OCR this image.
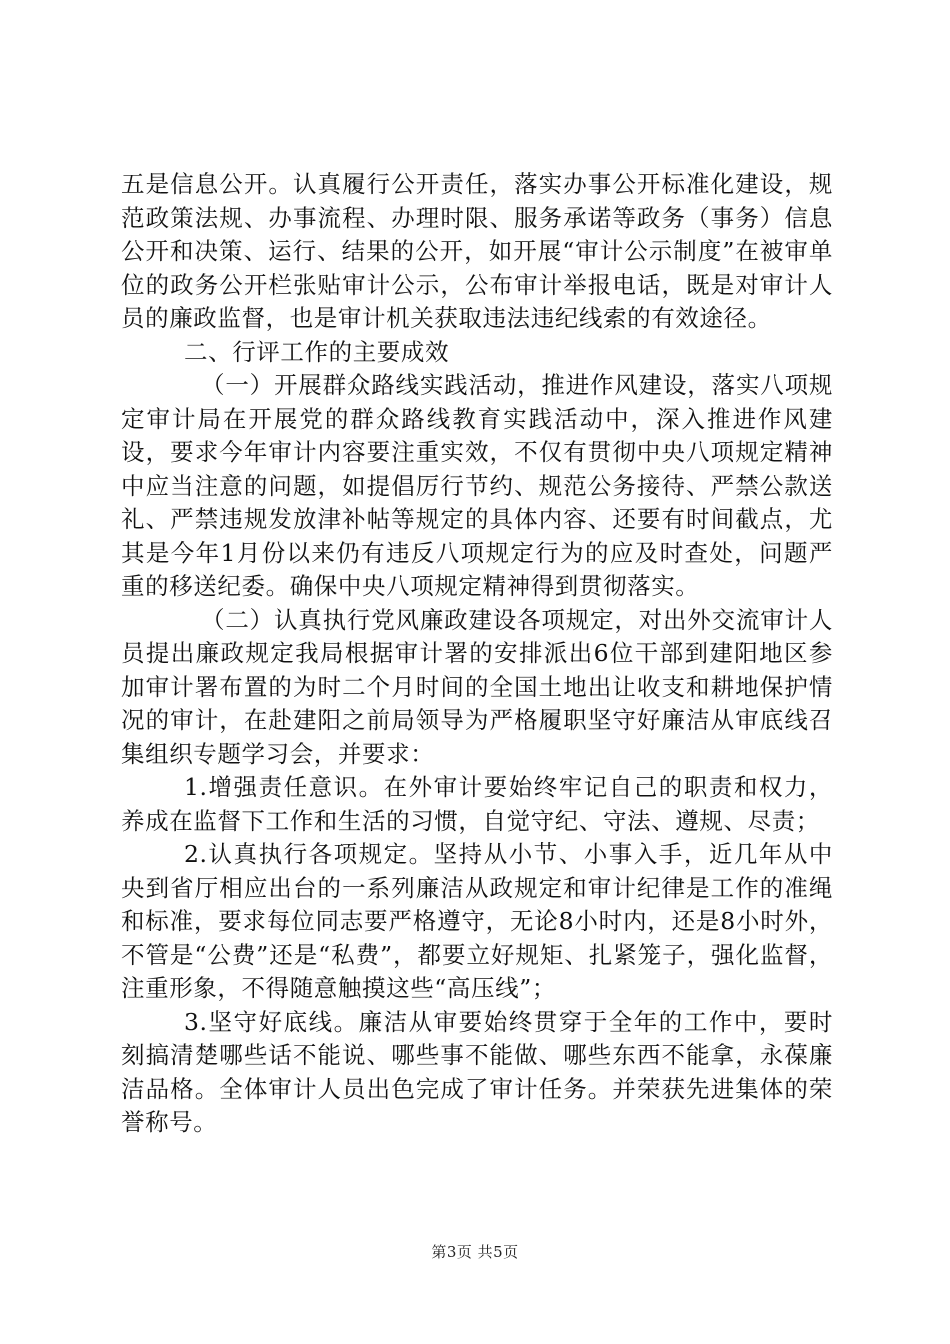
五是信息公开。认真履行公开责任，落实办事公开标准化建设，规范政策法规、办事流程、办理时限、服务承诺等政务（事务）信息公开和决策、运行、结果的公开，如开展“审计公示制度”在被审单位的政务公开栏张贴审计公示，公布审计举报电话，既是对审计人员的廉政监督，也是审计机关获取违法违纪线索的有效途径。

二、行评工作的主要成效

（一）开展群众路线实践活动，推进作风建设，落实八项规定审计局在开展党的群众路线教育实践活动中，深入推进作风建设，要求今年审计内容要注重实效，不仅有贯彻中央八项规定精神中应当注意的问题，如提倡厉行节约、规范公务接待、严禁公款送礼、严禁违规发放津补帖等规定的具体内容、还要有时间截点，尤其是今年1月份以来仍有违反八项规定行为的应及时查处，问题严重的移送纪委。确保中央八项规定精神得到贯彻落实。

（二）认真执行党风廉政建设各项规定，对出外交流审计人员提出廉政规定我局根据审计署的安排派出6位干部到建阳地区参加审计署布置的为时二个月时间的全国土地出让收支和耕地保护情况的审计，在赴建阳之前局领导为严格履职坚守好廉洁从审底线召集组织专题学习会，并要求：

1.增强责任意识。在外审计要始终牢记自己的职责和权力，养成在监督下工作和生活的习惯，自觉守纪、守法、遵规、尽责；

2.认真执行各项规定。坚持从小节、小事入手，近几年从中央到省厅相应出台的一系列廉洁从政规定和审计纪律是工作的准绳和标准，要求每位同志要严格遵守，无论8小时内，还是8小时外，不管是“公费”还是“私费”，都要立好规矩、扎紧笼子，强化监督，注重形象，不得随意触摸这些“高压线”；

3.坚守好底线。廉洁从审要始终贯穿于全年的工作中，要时刻搞清楚哪些话不能说、哪些事不能做、哪些东西不能拿，永葆廉洁品格。全体审计人员出色完成了审计任务。并荣获先进集体的荣誉称号。

第3页 共5页
